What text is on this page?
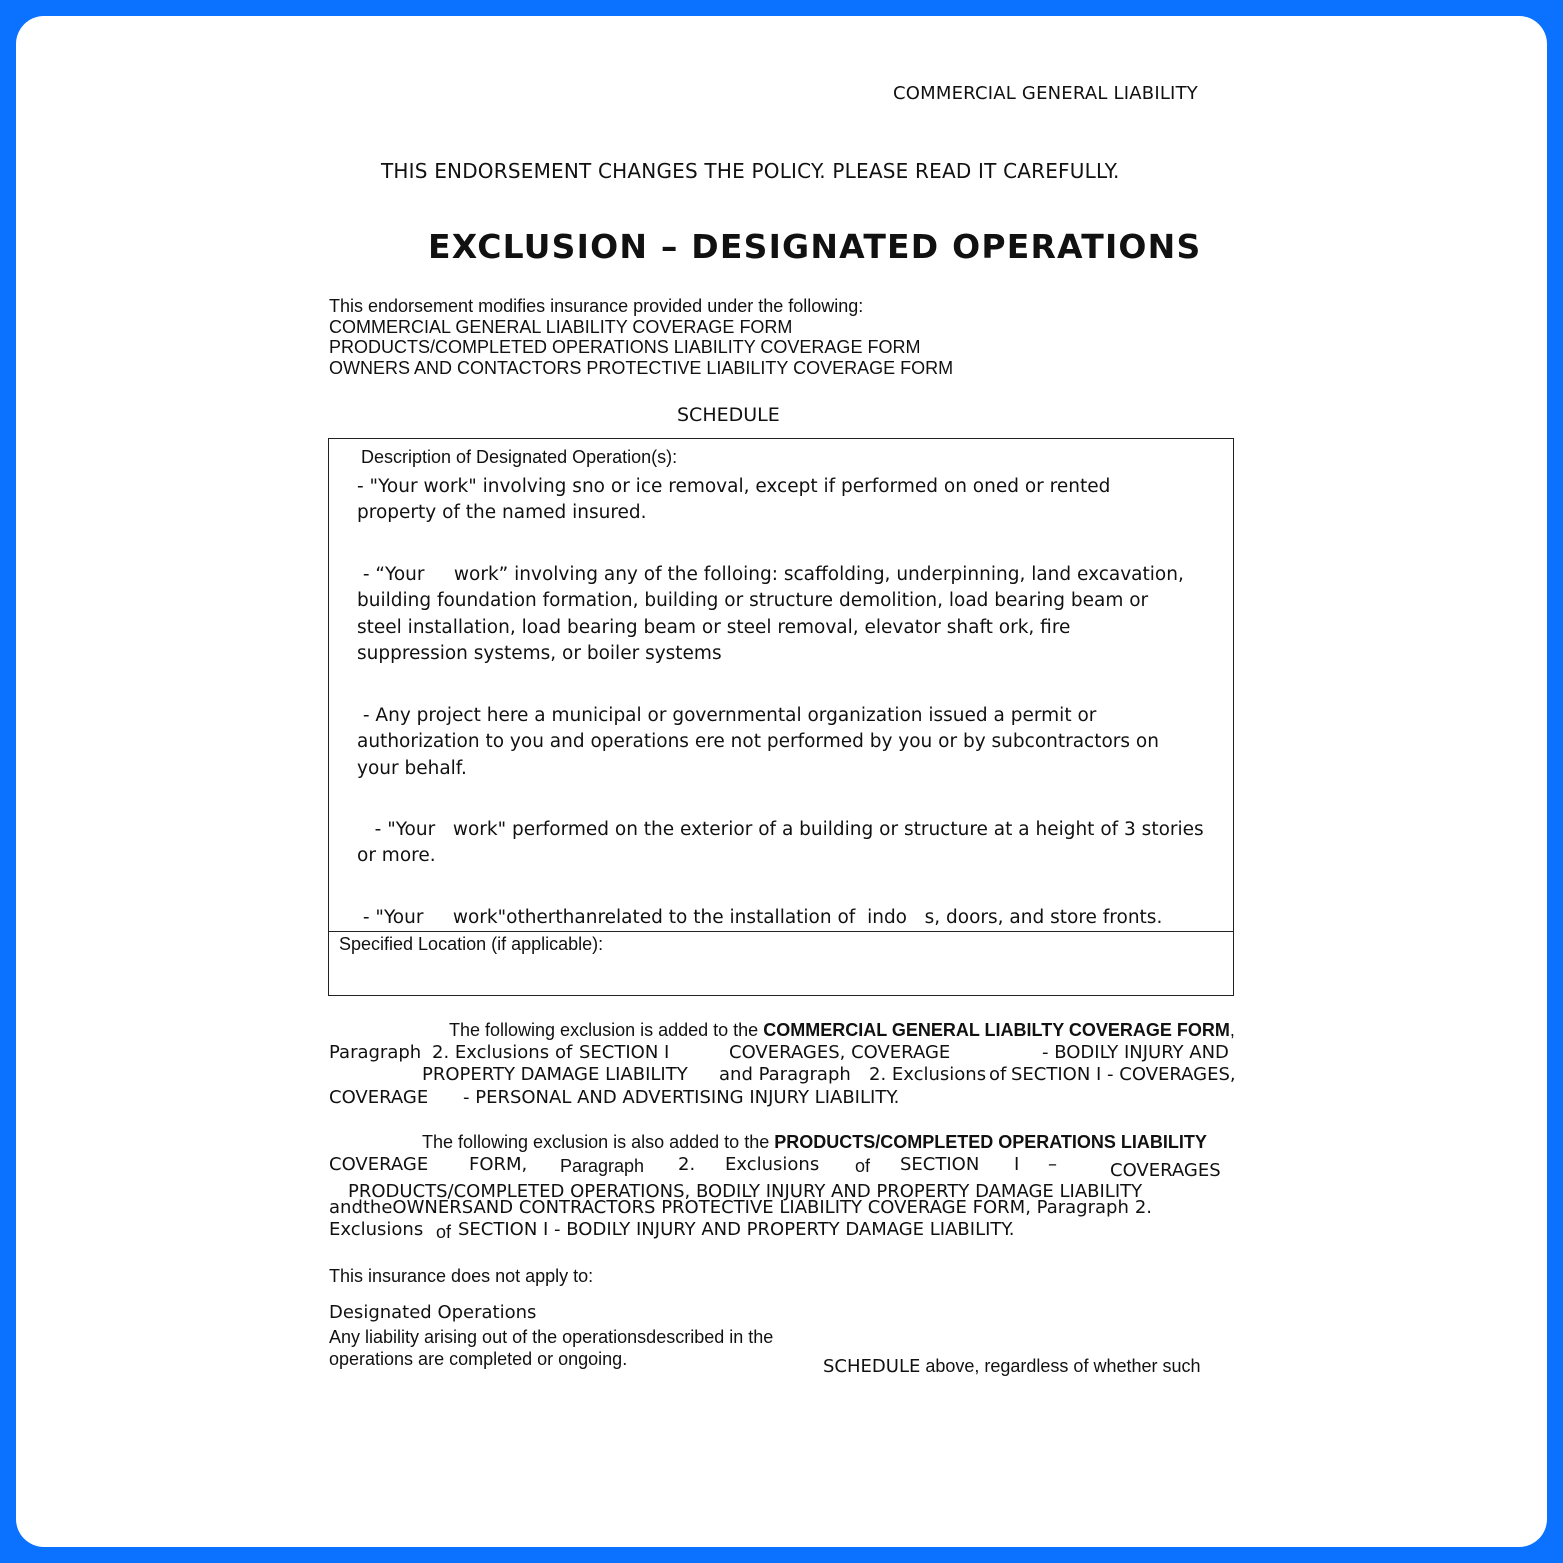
COMMERCIAL GENERAL LIABILITY
THIS ENDORSEMENT CHANGES THE POLICY. PLEASE READ IT CAREFULLY.
EXCLUSION – DESIGNATED OPERATIONS
This endorsement modifies insurance provided under the following:
COMMERCIAL GENERAL LIABILITY COVERAGE FORM
PRODUCTS/COMPLETED OPERATIONS LIABILITY COVERAGE FORM
OWNERS AND CONTACTORS PROTECTIVE LIABILITY COVERAGE FORM
SCHEDULE
Description of Designated Operation(s):
- "Your work" involving sno or ice removal, except if performed on oned or rented
property of the named insured.
- “Your     work” involving any of the folloing: scaffolding, underpinning, land excavation,
building foundation formation, building or structure demolition, load bearing beam or
steel installation, load bearing beam or steel removal, elevator shaft ork, fire
suppression systems, or boiler systems
- Any project here a municipal or governmental organization issued a permit or
authorization to you and operations ere not performed by you or by subcontractors on
your behalf.
- "Your   work" performed on the exterior of a building or structure at a height of 3 stories
or more.
- "Your     work"otherthanrelated to the installation of  indo   s, doors, and store fronts.
Specified Location (if applicable):
The following exclusion is added to the COMMERCIAL GENERAL LIABILTY COVERAGE FORM,
Paragraph 2. Exclusions of SECTION I	COVERAGES, COVERAGE	- BODILY INJURY AND
PROPERTY DAMAGE LIABILITY and Paragraph 2. Exclusions of SECTION I - COVERAGES,
COVERAGE - PERSONAL AND ADVERTISING INJURY LIABILITY.
The following exclusion is also added to the PRODUCTS/COMPLETED OPERATIONS LIABILITY
COVERAGE FORM, Paragraph 2. Exclusions of SECTION I –	COVERAGES
PRODUCTS/COMPLETED OPERATIONS, BODILY INJURY AND PROPERTY DAMAGE LIABILITY
andtheOWNERSAND CONTRACTORS PROTECTIVE LIABILITY COVERAGE FORM, Paragraph 2.
Exclusions of SECTION I - BODILY INJURY AND PROPERTY DAMAGE LIABILITY.
This insurance does not apply to:
Designated Operations
Any liability arising out of the operationsdescribed in the
operations are completed or ongoing.	SCHEDULE above, regardless of whether such
